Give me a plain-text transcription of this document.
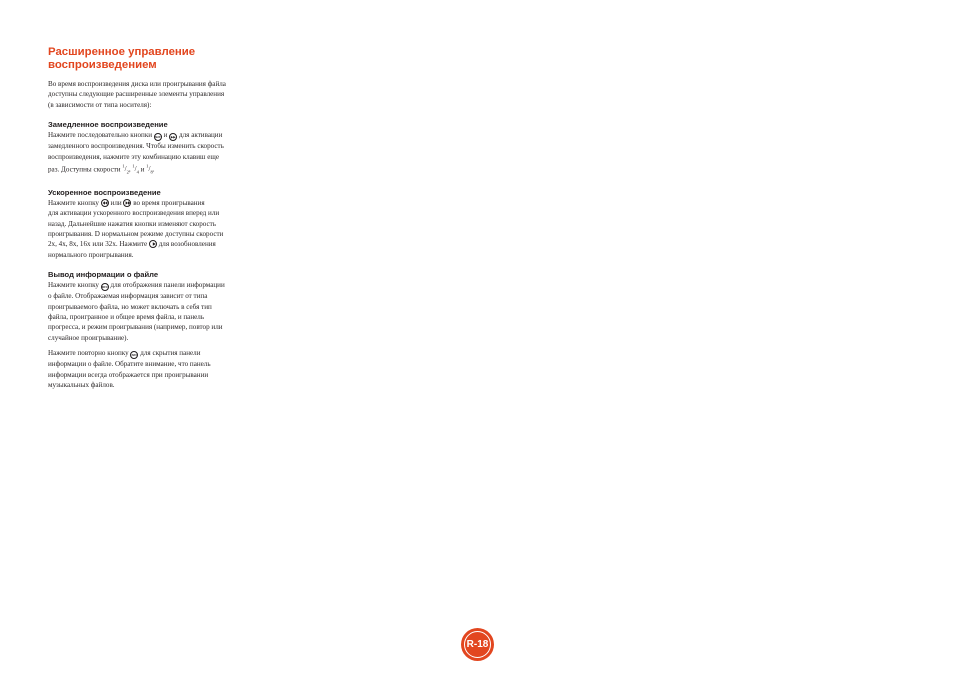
Расширенное управление
воспроизведением

Во время воспроизведения диска или проигрывания файла
доступны следующие расширенные элементы управления
(в зависимости от типа носителя):

Замедленное воспроизведение

Нажмите последовательно кнопки SHIFT и ▶▶ для активации
замедленного воспроизведения. Чтобы изменить скорость
воспроизведения, нажмите эту комбинацию клавиш еще
раз. Доступны скорости $^1/_2$, $^1/_4$ и $^1/_8$.

Ускоренное воспроизведение

Нажмите кнопку или во время проигрывания
для активации ускоренного воспроизведения вперед или
назад. Дальнейшие нажатия кнопки изменяют скорость
проигрывания. D нормальном режиме доступны скорости
2x, 4x, 8x, 16x или 32x. Нажмите для возобновления
нормального проигрывания.

Вывод информации о файле

Нажмите кнопку INFO для отображения панели информации
о файле. Отображаемая информация зависит от типа
проигрываемого файла, но может включать в себя тип
файла, проигранное и общее время файла, и панель
прогресса, и режим проигрывания (например, повтор или
случайное проигрывание).

Нажмите повторно кнопку INFO для скрытия панели
информации о файле. Обратите внимание, что панель
информации всегда отображается при проигрывании
музыкальных файлов.

R-18
